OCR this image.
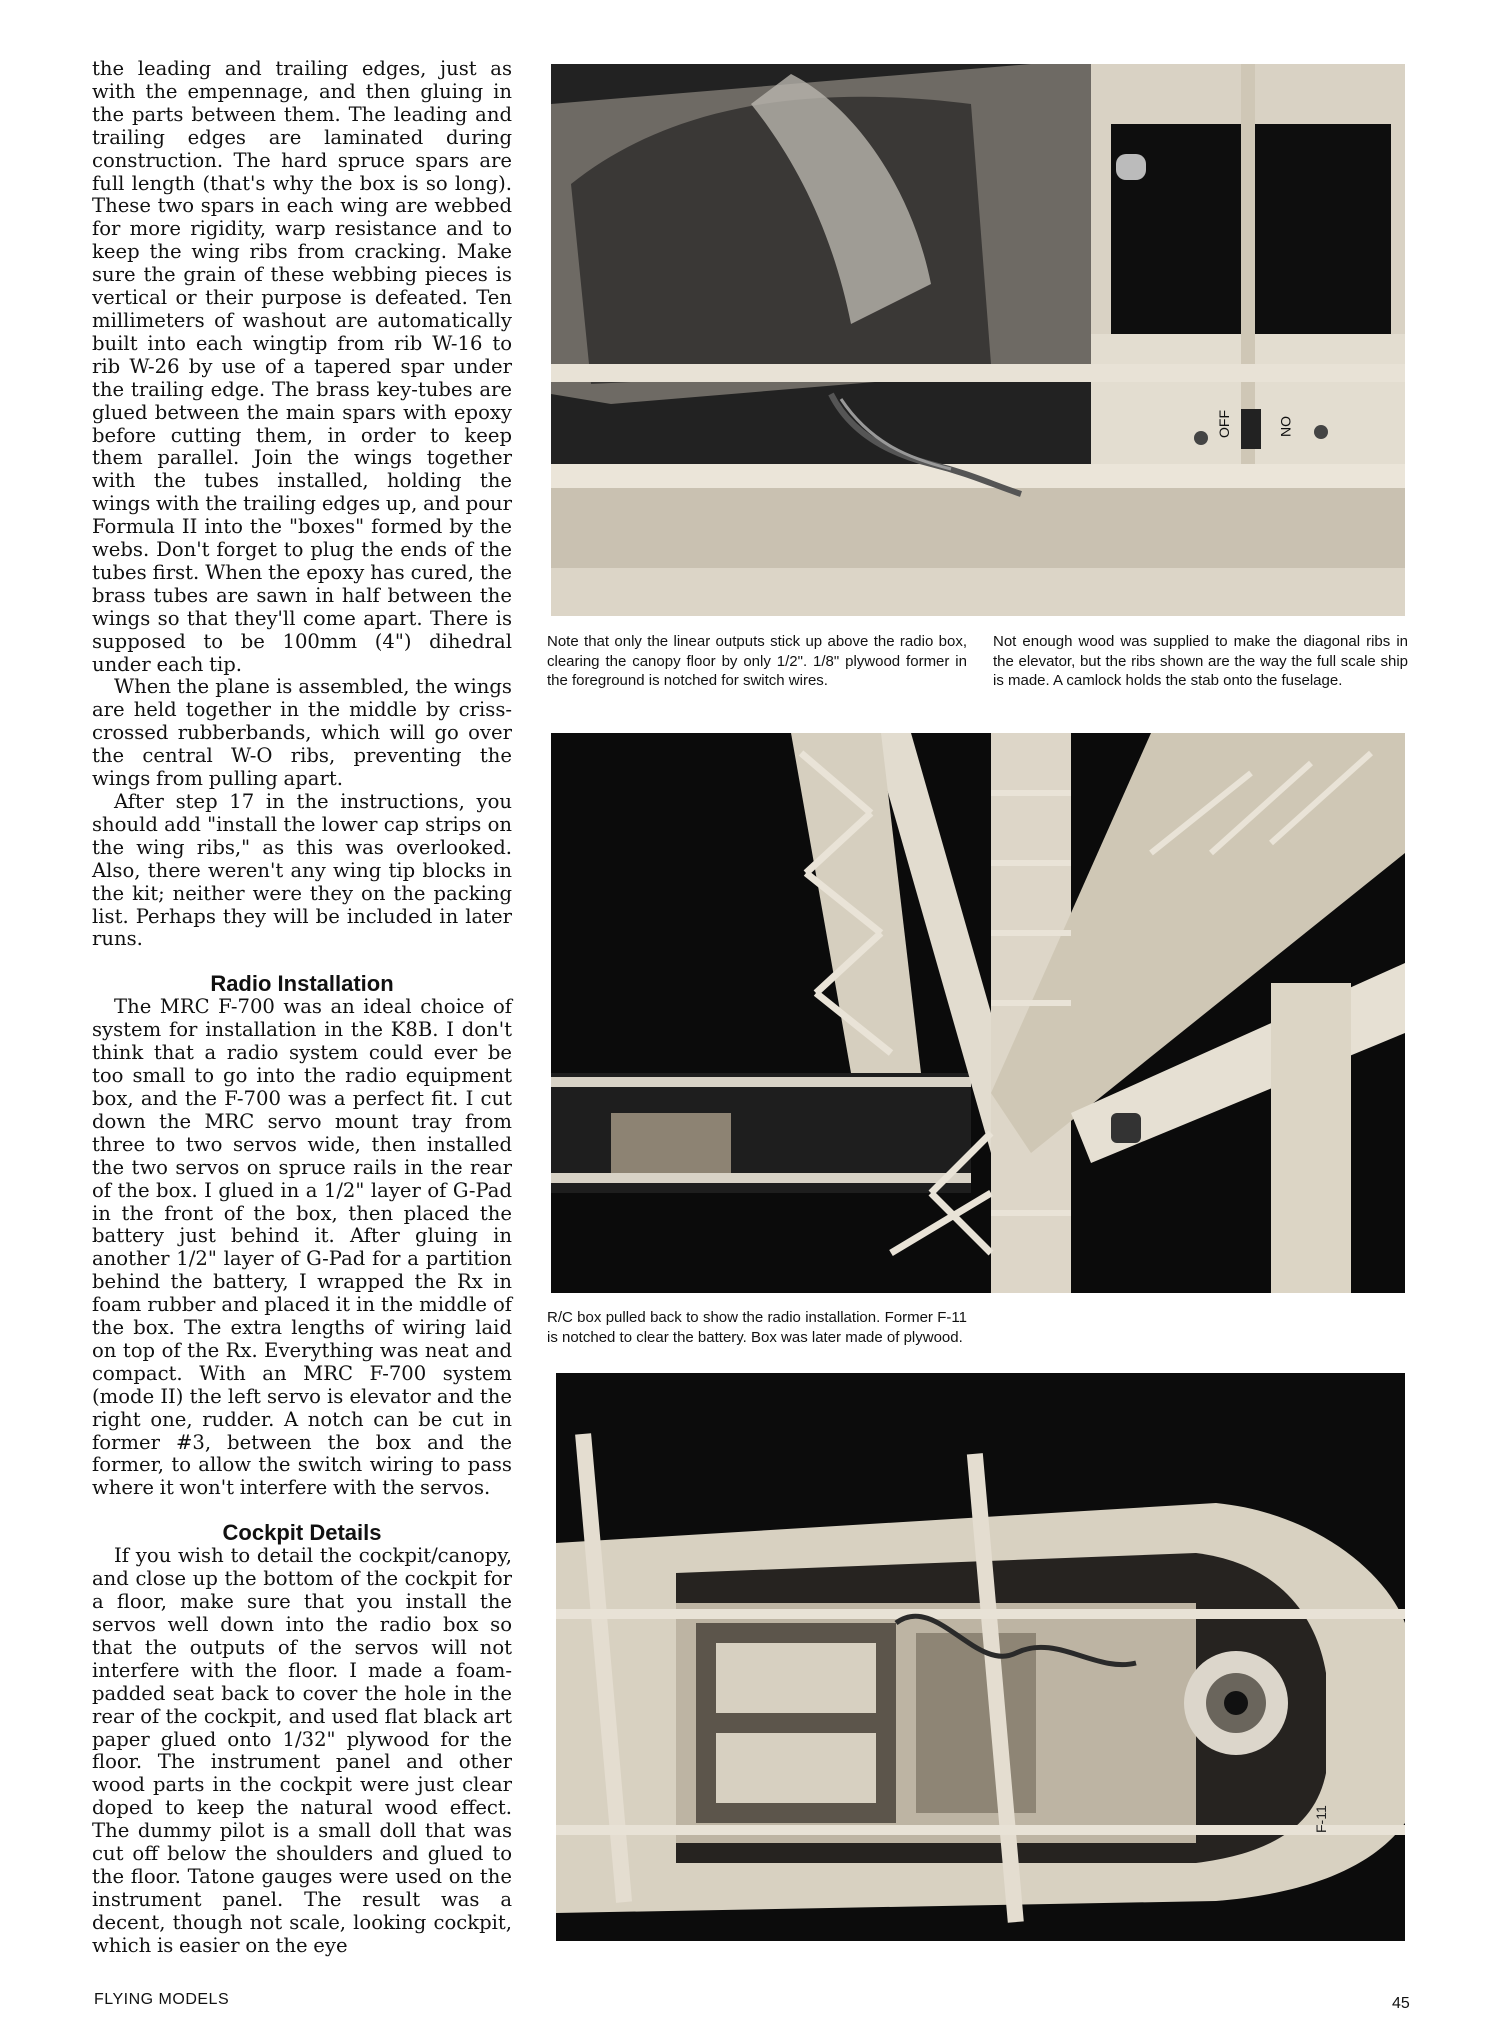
the leading and trailing edges, just as with the empennage, and then gluing in the parts between them. The leading and trailing edges are laminated during construction. The hard spruce spars are full length (that's why the box is so long). These two spars in each wing are webbed for more rigidity, warp resistance and to keep the wing ribs from cracking. Make sure the grain of these webbing pieces is vertical or their purpose is defeated. Ten millimeters of washout are automatically built into each wingtip from rib W-16 to rib W-26 by use of a tapered spar under the trailing edge. The brass key-tubes are glued between the main spars with epoxy before cutting them, in order to keep them parallel. Join the wings together with the tubes installed, holding the wings with the trailing edges up, and pour Formula II into the "boxes" formed by the webs. Don't forget to plug the ends of the tubes first. When the epoxy has cured, the brass tubes are sawn in half between the wings so that they'll come apart. There is supposed to be 100mm (4") dihedral under each tip.

When the plane is assembled, the wings are held together in the middle by criss-crossed rubberbands, which will go over the central W-O ribs, preventing the wings from pulling apart.

After step 17 in the instructions, you should add "install the lower cap strips on the wing ribs," as this was overlooked. Also, there weren't any wing tip blocks in the kit; neither were they on the packing list. Perhaps they will be included in later runs.

Radio Installation

The MRC F-700 was an ideal choice of system for installation in the K8B. I don't think that a radio system could ever be too small to go into the radio equipment box, and the F-700 was a perfect fit. I cut down the MRC servo mount tray from three to two servos wide, then installed the two servos on spruce rails in the rear of the box. I glued in a 1/2" layer of G-Pad in the front of the box, then placed the battery just behind it. After gluing in another 1/2" layer of G-Pad for a partition behind the battery, I wrapped the Rx in foam rubber and placed it in the middle of the box. The extra lengths of wiring laid on top of the Rx. Everything was neat and compact. With an MRC F-700 system (mode II) the left servo is elevator and the right one, rudder. A notch can be cut in former #3, between the box and the former, to allow the switch wiring to pass where it won't interfere with the servos.

Cockpit Details

If you wish to detail the cockpit/canopy, and close up the bottom of the cockpit for a floor, make sure that you install the servos well down into the radio box so that the outputs of the servos will not interfere with the floor. I made a foam-padded seat back to cover the hole in the rear of the cockpit, and used flat black art paper glued onto 1/32" plywood for the floor. The instrument panel and other wood parts in the cockpit were just clear doped to keep the natural wood effect. The dummy pilot is a small doll that was cut off below the shoulders and glued to the floor. Tatone gauges were used on the instrument panel. The result was a decent, though not scale, looking cockpit, which is easier on the eye

OFF	ON
Note that only the linear outputs stick up above the radio box, clearing the canopy floor by only 1/2". 1/8" plywood former in the foreground is notched for switch wires.
Not enough wood was supplied to make the diagonal ribs in the elevator, but the ribs shown are the way the full scale ship is made. A camlock holds the stab onto the fuselage.
R/C box pulled back to show the radio installation. Former F-11 is notched to clear the battery. Box was later made of plywood.
F-11
FLYING MODELS	45
